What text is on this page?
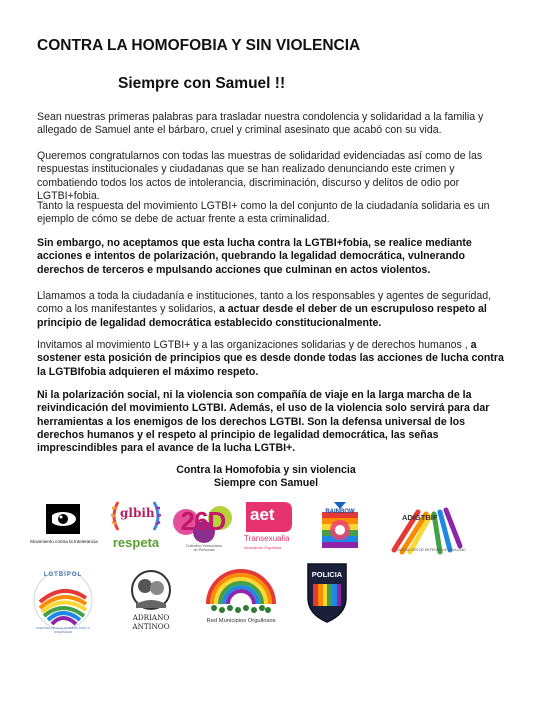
CONTRA LA HOMOFOBIA Y SIN VIOLENCIA
Siempre con Samuel !!
Sean nuestras primeras palabras para trasladar nuestra condolencia y solidaridad a la familia y allegado de Samuel ante el bárbaro, cruel y criminal asesinato que acabó con su vida.
Queremos congratularnos con todas las muestras de solidaridad evidenciadas así como de las respuestas institucionales y ciudadanas que se han realizado denunciando este crimen y combatiendo todos los actos de intolerancia, discriminación, discurso y delitos de odio por LGTBI+fobia.
Tanto la respuesta del movimiento LGTBI+ como la del conjunto de la ciudadanía solidaria es un ejemplo de cómo se debe de actuar frente a esta criminalidad.
Sin embargo, no aceptamos que esta lucha contra la LGTBI+fobia, se realice mediante acciones e intentos de polarización, quebrando la legalidad democrática, vulnerando derechos de terceros e mpulsando acciones que culminan en actos violentos.
Llamamos a toda la ciudadanía e instituciones, tanto a los responsables y agentes de seguridad, como a los manifestantes y solidarios, a actuar desde el deber de un escrupuloso respeto al principio de legalidad democrática establecido constitucionalmente.
Invitamos al movimiento LGTBI+ y a las organizaciones solidarias y de derechos humanos , a sostener esta posición de principios que es desde donde todas las acciones de lucha contra la LGTBIfobia adquieren el máximo respeto.
Ni la polarización social, ni la violencia son compañía de viaje en la larga marcha de la reivindicación del movimiento LGTBI. Además, el uso de la violencia solo servirá para dar herramientas a los enemigos de los derechos LGTBI. Son la defensa universal de los derechos humanos y el respeto al principio de legalidad democrática, las señas imprescindibles para el avance de la lucha LGTBI+.
Contra la Homofobia y sin violencia
Siempre con Samuel
Movimiento contra la Intolerancia
glbih
respeta
26D
Colectivo Venezolano de Personas
aet
Transexualia
Asociación Española
RAINBOW
ADIGTBIF
ASOCIACIÓN DE DEFENSA DE IGUALDAD
LGTBIPOL
AGENTES DE LA AUTORIDAD POR LA DIVERSIDAD
ADRIANO ANTINOO
Red Municipios Orgullosos
POLICIA
